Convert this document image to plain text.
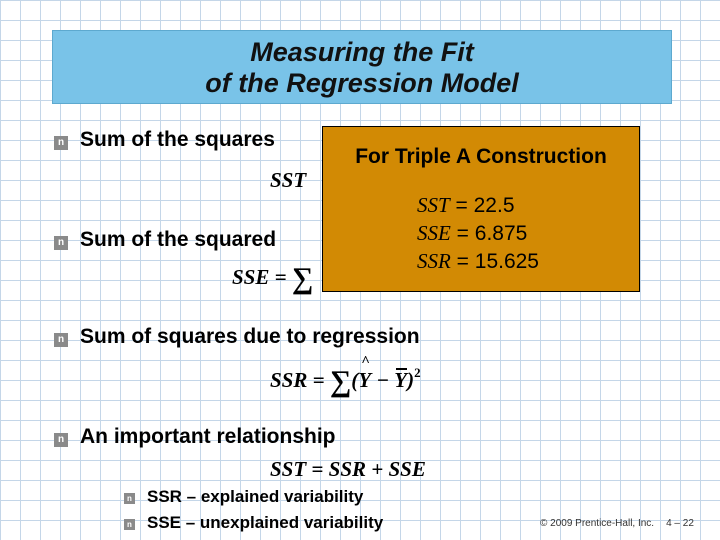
Measuring the Fit
of the Regression Model
n Sum of the squares
SST
n Sum of the squared
SSE = ∑
n Sum of squares due to regression
SSR = ∑(^ Y − Y)$^2$
n An important relationship
SST = SSR + SSE
n SSR – explained variability
n SSE – unexplained variability
For Triple A Construction
SST = 22.5
SSE = 6.875
SSR = 15.625
© 2009 Prentice-Hall, Inc. 4 – 22
